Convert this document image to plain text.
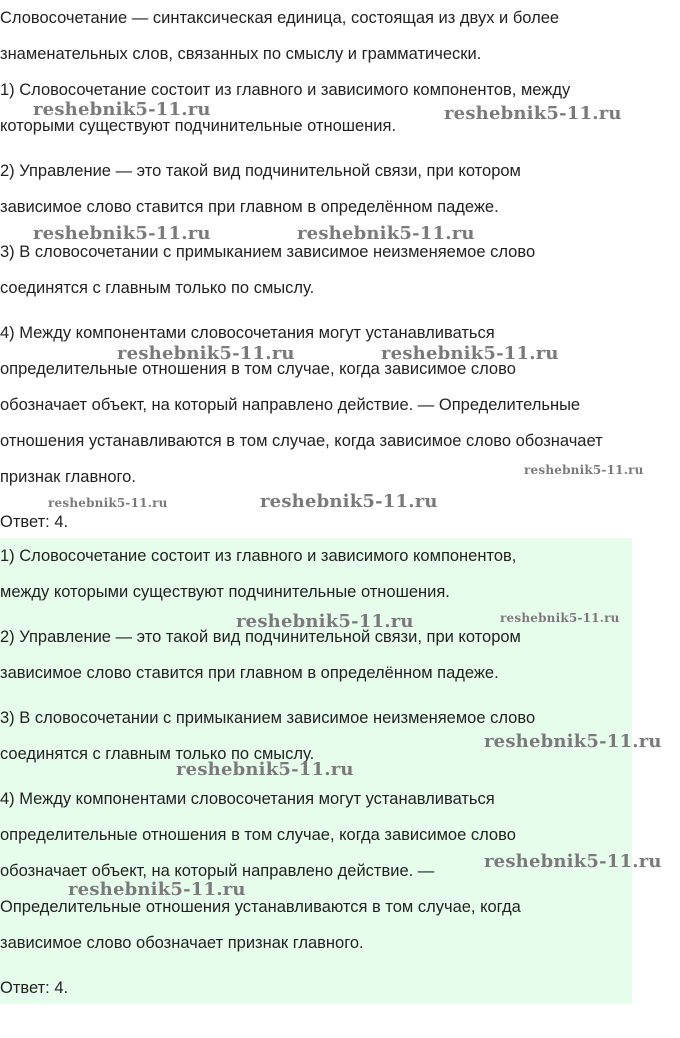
Словосочетание — синтаксическая единица, состоящая из двух и более
знаменательных слов, связанных по смыслу и грамматически.
1) Словосочетание состоит из главного и зависимого компонентов, между
которыми существуют подчинительные отношения.
2) Управление — это такой вид подчинительной связи, при котором
зависимое слово ставится при главном в определённом падеже.
3) В словосочетании с примыканием зависимое неизменяемое слово
соединятся с главным только по смыслу.
4) Между компонентами словосочетания могут устанавливаться
определительные отношения в том случае, когда зависимое слово
обозначает объект, на который направлено действие. — Определительные
отношения устанавливаются в том случае, когда зависимое слово обозначает
признак главного.
Ответ: 4.
1) Словосочетание состоит из главного и зависимого компонентов,
между которыми существуют подчинительные отношения.
2) Управление — это такой вид подчинительной связи, при котором
зависимое слово ставится при главном в определённом падеже.
3) В словосочетании с примыканием зависимое неизменяемое слово
соединятся с главным только по смыслу.
4) Между компонентами словосочетания могут устанавливаться
определительные отношения в том случае, когда зависимое слово
обозначает объект, на который направлено действие. —
Определительные отношения устанавливаются в том случае, когда
зависимое слово обозначает признак главного.
Ответ: 4.
reshebnik5-11.ru	reshebnik5-11.ru
reshebnik5-11.ru	reshebnik5-11.ru
reshebnik5-11.ru	reshebnik5-11.ru
reshebnik5-11.ru
reshebnik5-11.ru	reshebnik5-11.ru
reshebnik5-11.ru	reshebnik5-11.ru
reshebnik5-11.ru
reshebnik5-11.ru
reshebnik5-11.ru
reshebnik5-11.ru
